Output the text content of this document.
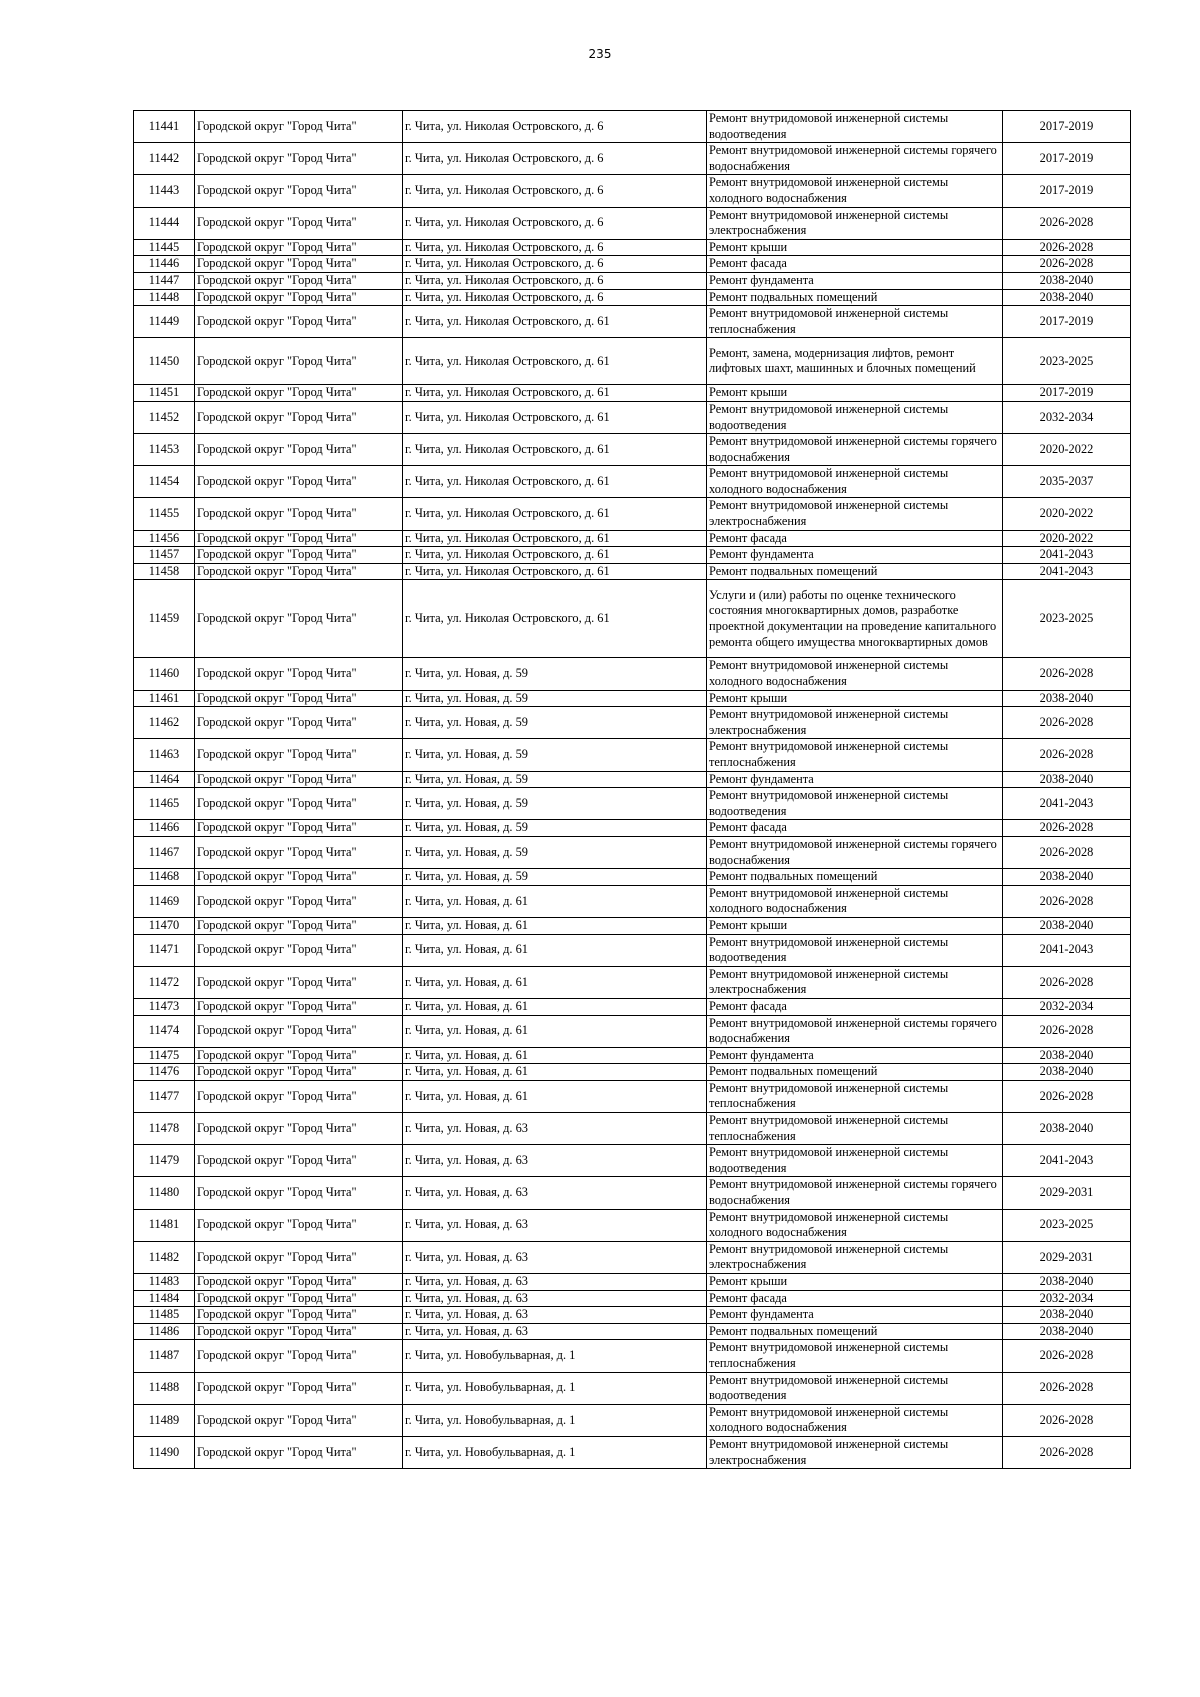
235
11441	Городской округ "Город Чита"	г. Чита, ул. Николая Островского, д. 6	Ремонт внутридомовой инженерной системы водоотведения	2017-2019
11442	Городской округ "Город Чита"	г. Чита, ул. Николая Островского, д. 6	Ремонт внутридомовой инженерной системы горячего водоснабжения	2017-2019
11443	Городской округ "Город Чита"	г. Чита, ул. Николая Островского, д. 6	Ремонт внутридомовой инженерной системы холодного водоснабжения	2017-2019
11444	Городской округ "Город Чита"	г. Чита, ул. Николая Островского, д. 6	Ремонт внутридомовой инженерной системы электроснабжения	2026-2028
11445	Городской округ "Город Чита"	г. Чита, ул. Николая Островского, д. 6	Ремонт крыши	2026-2028
11446	Городской округ "Город Чита"	г. Чита, ул. Николая Островского, д. 6	Ремонт фасада	2026-2028
11447	Городской округ "Город Чита"	г. Чита, ул. Николая Островского, д. 6	Ремонт фундамента	2038-2040
11448	Городской округ "Город Чита"	г. Чита, ул. Николая Островского, д. 6	Ремонт подвальных помещений	2038-2040
11449	Городской округ "Город Чита"	г. Чита, ул. Николая Островского, д. 61	Ремонт внутридомовой инженерной системы теплоснабжения	2017-2019
11450	Городской округ "Город Чита"	г. Чита, ул. Николая Островского, д. 61	Ремонт, замена, модернизация лифтов, ремонт лифтовых шахт, машинных и блочных помещений	2023-2025
11451	Городской округ "Город Чита"	г. Чита, ул. Николая Островского, д. 61	Ремонт крыши	2017-2019
11452	Городской округ "Город Чита"	г. Чита, ул. Николая Островского, д. 61	Ремонт внутридомовой инженерной системы водоотведения	2032-2034
11453	Городской округ "Город Чита"	г. Чита, ул. Николая Островского, д. 61	Ремонт внутридомовой инженерной системы горячего водоснабжения	2020-2022
11454	Городской округ "Город Чита"	г. Чита, ул. Николая Островского, д. 61	Ремонт внутридомовой инженерной системы холодного водоснабжения	2035-2037
11455	Городской округ "Город Чита"	г. Чита, ул. Николая Островского, д. 61	Ремонт внутридомовой инженерной системы электроснабжения	2020-2022
11456	Городской округ "Город Чита"	г. Чита, ул. Николая Островского, д. 61	Ремонт фасада	2020-2022
11457	Городской округ "Город Чита"	г. Чита, ул. Николая Островского, д. 61	Ремонт фундамента	2041-2043
11458	Городской округ "Город Чита"	г. Чита, ул. Николая Островского, д. 61	Ремонт подвальных помещений	2041-2043
11459	Городской округ "Город Чита"	г. Чита, ул. Николая Островского, д. 61	Услуги и (или) работы по оценке технического состояния многоквартирных домов, разработке проектной документации на проведение капитального ремонта общего имущества многоквартирных домов	2023-2025
11460	Городской округ "Город Чита"	г. Чита, ул. Новая, д. 59	Ремонт внутридомовой инженерной системы холодного водоснабжения	2026-2028
11461	Городской округ "Город Чита"	г. Чита, ул. Новая, д. 59	Ремонт крыши	2038-2040
11462	Городской округ "Город Чита"	г. Чита, ул. Новая, д. 59	Ремонт внутридомовой инженерной системы электроснабжения	2026-2028
11463	Городской округ "Город Чита"	г. Чита, ул. Новая, д. 59	Ремонт внутридомовой инженерной системы теплоснабжения	2026-2028
11464	Городской округ "Город Чита"	г. Чита, ул. Новая, д. 59	Ремонт фундамента	2038-2040
11465	Городской округ "Город Чита"	г. Чита, ул. Новая, д. 59	Ремонт внутридомовой инженерной системы водоотведения	2041-2043
11466	Городской округ "Город Чита"	г. Чита, ул. Новая, д. 59	Ремонт фасада	2026-2028
11467	Городской округ "Город Чита"	г. Чита, ул. Новая, д. 59	Ремонт внутридомовой инженерной системы горячего водоснабжения	2026-2028
11468	Городской округ "Город Чита"	г. Чита, ул. Новая, д. 59	Ремонт подвальных помещений	2038-2040
11469	Городской округ "Город Чита"	г. Чита, ул. Новая, д. 61	Ремонт внутридомовой инженерной системы холодного водоснабжения	2026-2028
11470	Городской округ "Город Чита"	г. Чита, ул. Новая, д. 61	Ремонт крыши	2038-2040
11471	Городской округ "Город Чита"	г. Чита, ул. Новая, д. 61	Ремонт внутридомовой инженерной системы водоотведения	2041-2043
11472	Городской округ "Город Чита"	г. Чита, ул. Новая, д. 61	Ремонт внутридомовой инженерной системы электроснабжения	2026-2028
11473	Городской округ "Город Чита"	г. Чита, ул. Новая, д. 61	Ремонт фасада	2032-2034
11474	Городской округ "Город Чита"	г. Чита, ул. Новая, д. 61	Ремонт внутридомовой инженерной системы горячего водоснабжения	2026-2028
11475	Городской округ "Город Чита"	г. Чита, ул. Новая, д. 61	Ремонт фундамента	2038-2040
11476	Городской округ "Город Чита"	г. Чита, ул. Новая, д. 61	Ремонт подвальных помещений	2038-2040
11477	Городской округ "Город Чита"	г. Чита, ул. Новая, д. 61	Ремонт внутридомовой инженерной системы теплоснабжения	2026-2028
11478	Городской округ "Город Чита"	г. Чита, ул. Новая, д. 63	Ремонт внутридомовой инженерной системы теплоснабжения	2038-2040
11479	Городской округ "Город Чита"	г. Чита, ул. Новая, д. 63	Ремонт внутридомовой инженерной системы водоотведения	2041-2043
11480	Городской округ "Город Чита"	г. Чита, ул. Новая, д. 63	Ремонт внутридомовой инженерной системы горячего водоснабжения	2029-2031
11481	Городской округ "Город Чита"	г. Чита, ул. Новая, д. 63	Ремонт внутридомовой инженерной системы холодного водоснабжения	2023-2025
11482	Городской округ "Город Чита"	г. Чита, ул. Новая, д. 63	Ремонт внутридомовой инженерной системы электроснабжения	2029-2031
11483	Городской округ "Город Чита"	г. Чита, ул. Новая, д. 63	Ремонт крыши	2038-2040
11484	Городской округ "Город Чита"	г. Чита, ул. Новая, д. 63	Ремонт фасада	2032-2034
11485	Городской округ "Город Чита"	г. Чита, ул. Новая, д. 63	Ремонт фундамента	2038-2040
11486	Городской округ "Город Чита"	г. Чита, ул. Новая, д. 63	Ремонт подвальных помещений	2038-2040
11487	Городской округ "Город Чита"	г. Чита, ул. Новобульварная, д. 1	Ремонт внутридомовой инженерной системы теплоснабжения	2026-2028
11488	Городской округ "Город Чита"	г. Чита, ул. Новобульварная, д. 1	Ремонт внутридомовой инженерной системы водоотведения	2026-2028
11489	Городской округ "Город Чита"	г. Чита, ул. Новобульварная, д. 1	Ремонт внутридомовой инженерной системы холодного водоснабжения	2026-2028
11490	Городской округ "Город Чита"	г. Чита, ул. Новобульварная, д. 1	Ремонт внутридомовой инженерной системы электроснабжения	2026-2028
